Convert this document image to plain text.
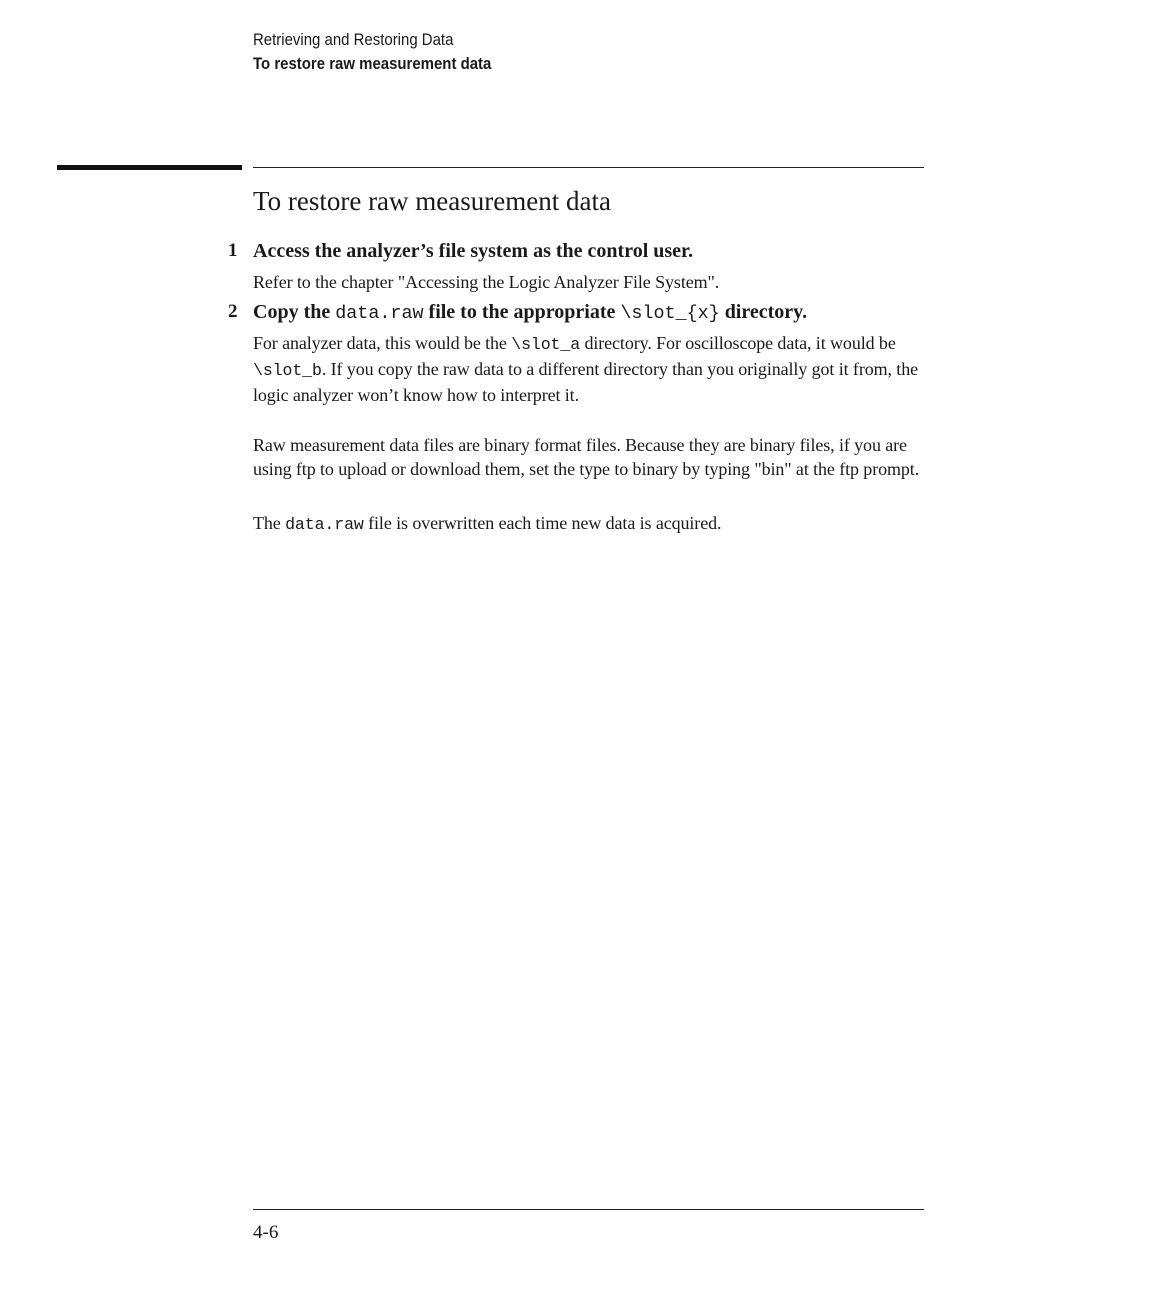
Retrieving and Restoring Data
To restore raw measurement data
To restore raw measurement data
1 Access the analyzer’s file system as the control user.

Refer to the chapter "Accessing the Logic Analyzer File System".

2 Copy the data.raw file to the appropriate \slot_{x} directory.

For analyzer data, this would be the \slot_a directory. For oscilloscope data, it would be \slot_b. If you copy the raw data to a different directory than you originally got it from, the logic analyzer won’t know how to interpret it.

Raw measurement data files are binary format files. Because they are binary files, if you are using ftp to upload or download them, set the type to binary by typing "bin" at the ftp prompt.

The data.raw file is overwritten each time new data is acquired.

4-6
